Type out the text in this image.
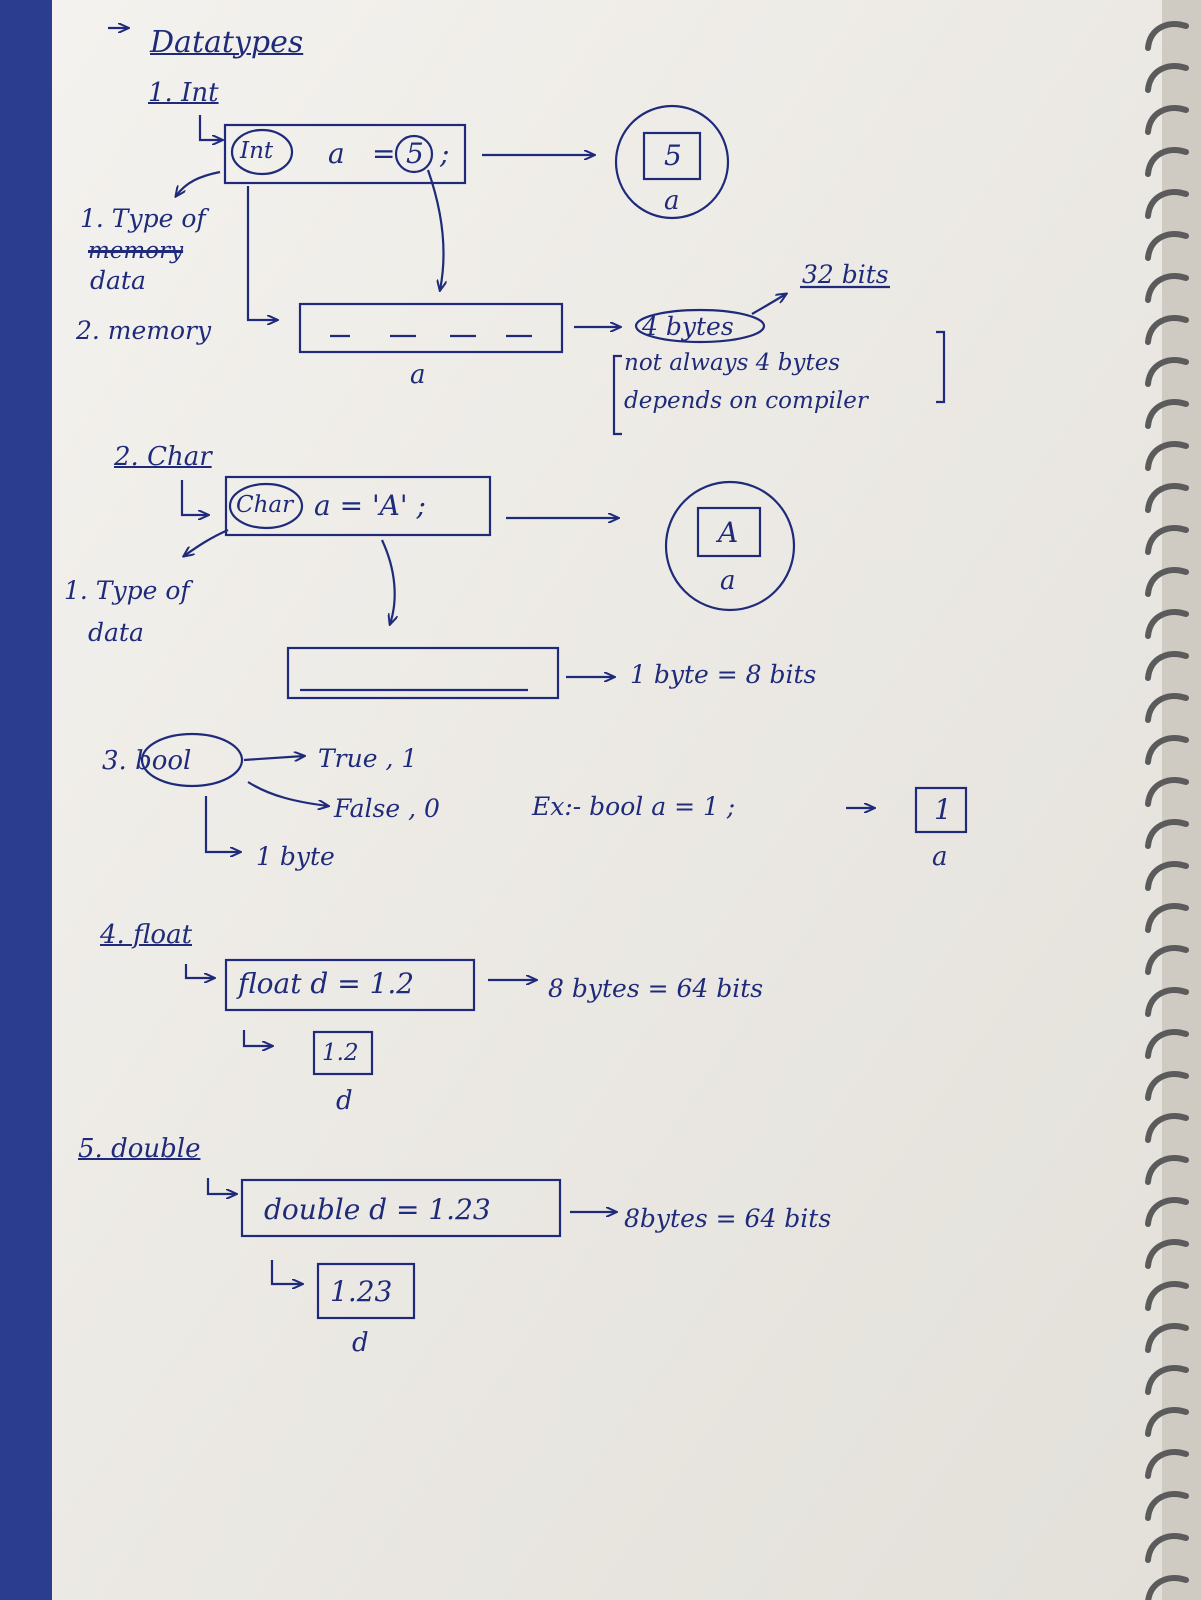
Datatypes
1. Int
Int a = 5 ;	5
a
1. Type of
memory
data
2. memory
a
4 bytes
32 bits
not always 4 bytes
depends on compiler
2. Char
Char a = 'A' ;
A
a
1. Type of
data
1 byte = 8 bits
3. bool	True , 1
False , 0
1 byte
Ex:- bool a = 1 ;	1
a
4. float
float d = 1.2	8 bytes = 64 bits
1.2
d
5. double
double d = 1.23	8bytes = 64 bits
1.23
d
